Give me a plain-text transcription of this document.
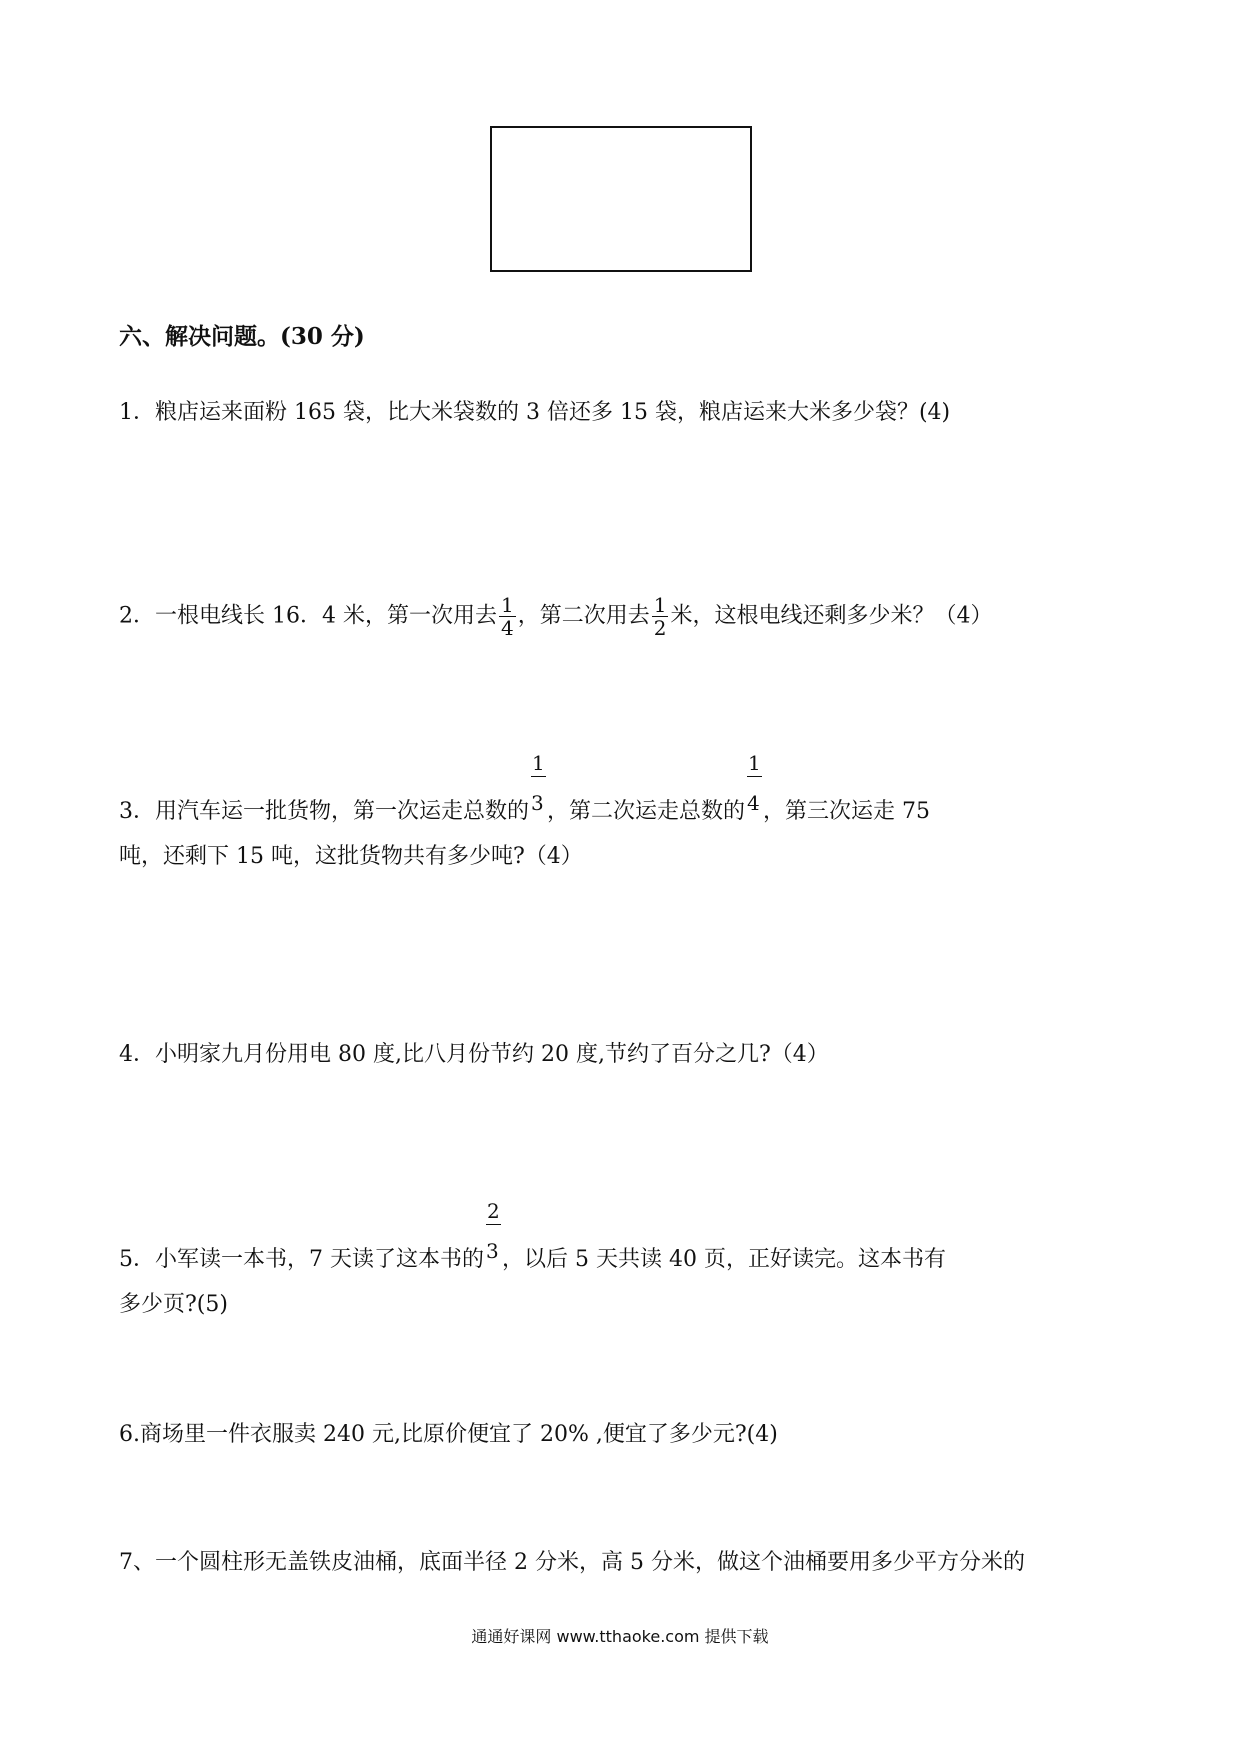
六、解决问题。(30 分)
1．粮店运来面粉 165 袋，比大米袋数的 3 倍还多 15 袋，粮店运来大米多少袋？(4)
2．一根电线长 16．4 米，第一次用去 $\frac{1}{4}$ ，第二次用去 $\frac{1}{2}$ 米，这根电线还剩多少米？（4）
3．用汽车运一批货物，第一次运走总数的 $\frac{1}{3}$ ，第二次运走总数的 $\frac{1}{4}$ ，第三次运走 75
吨，还剩下 15 吨，这批货物共有多少吨?（4）
4．小明家九月份用电 80 度,比八月份节约 20 度,节约了百分之几?（4）
5．小军读一本书，7 天读了这本书的 $\frac{2}{3}$ ，以后 5 天共读 40 页，正好读完。这本书有
多少页?(5)
6.商场里一件衣服卖 240 元,比原价便宜了 20% ,便宜了多少元?(4)
7、一个圆柱形无盖铁皮油桶，底面半径 2 分米，高 5 分米，做这个油桶要用多少平方分米的
通通好课网 www.tthaoke.com 提供下载
